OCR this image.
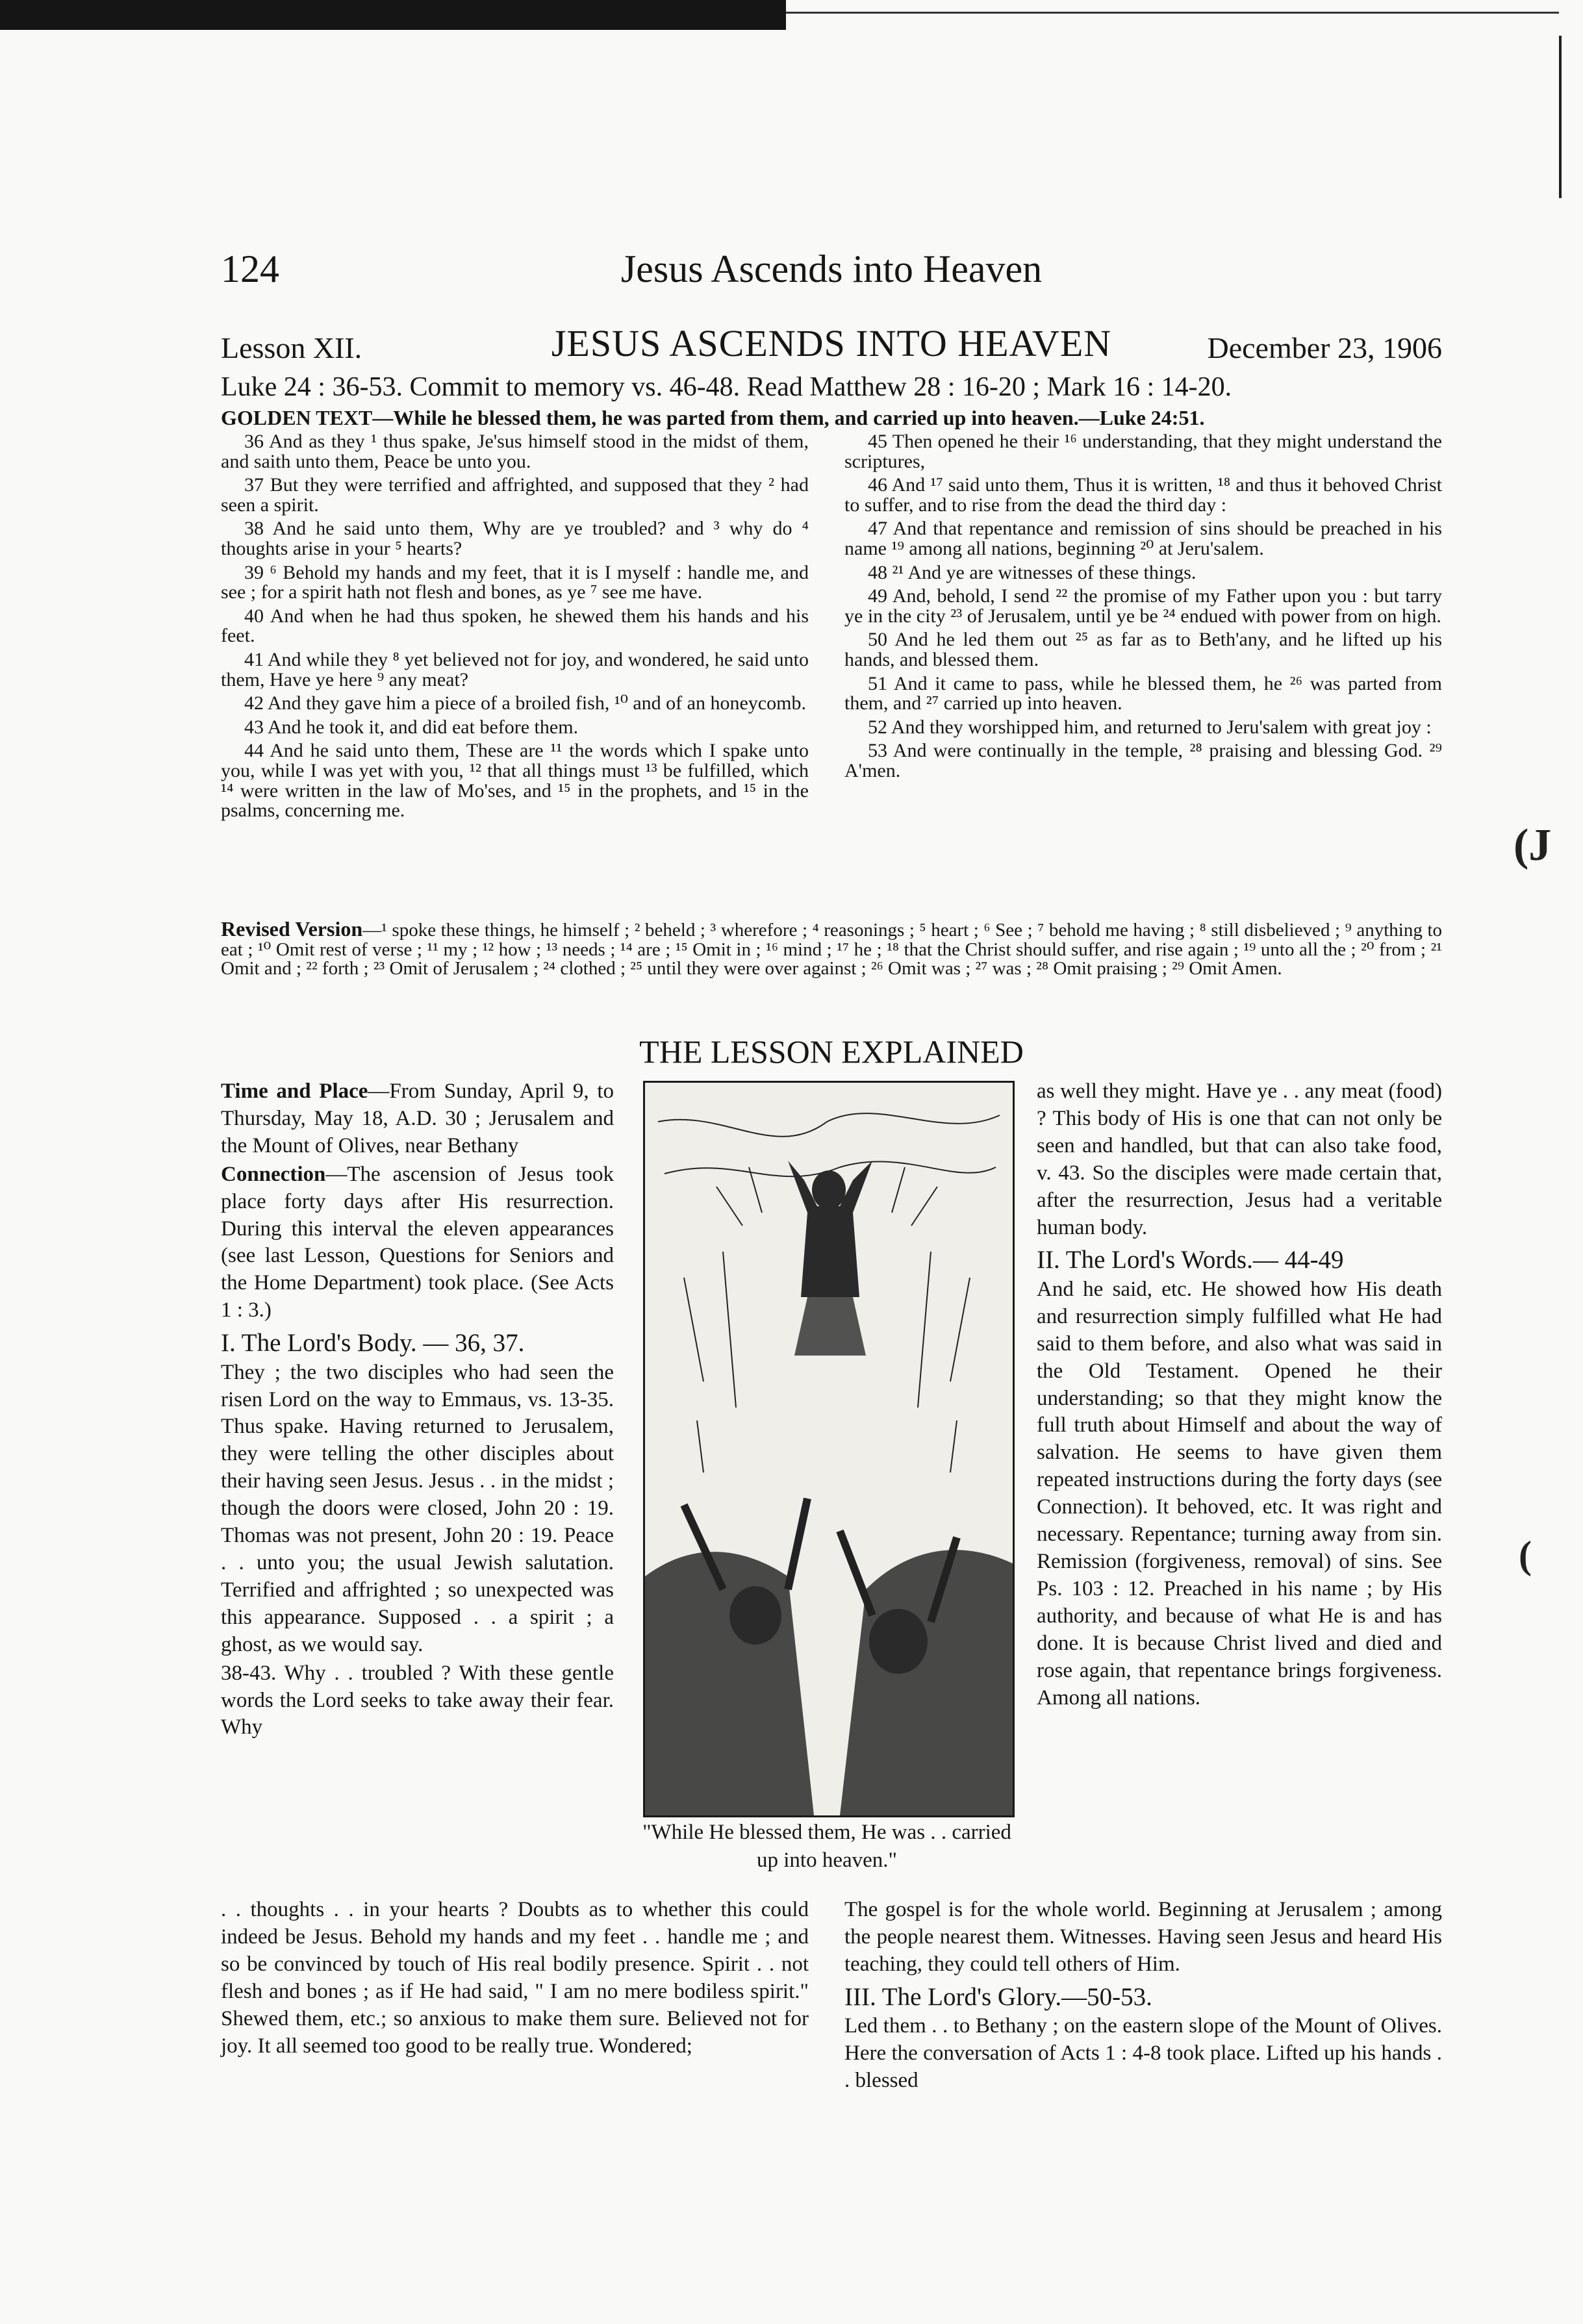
(J
(
Jesus Ascends into Heaven
124
JESUS ASCENDS INTO HEAVEN
Lesson XII.	December 23, 1906
Luke 24 : 36-53. Commit to memory vs. 46-48. Read Matthew 28 : 16-20 ; Mark 16 : 14-20.
GOLDEN TEXT—While he blessed them, he was parted from them, and carried up into heaven.—Luke 24:51.

36 And as they ¹ thus spake, Je'sus himself stood in the midst of them, and saith unto them, Peace be unto you.

37 But they were terrified and affrighted, and supposed that they ² had seen a spirit.

38 And he said unto them, Why are ye troubled? and ³ why do ⁴ thoughts arise in your ⁵ hearts?

39 ⁶ Behold my hands and my feet, that it is I myself : handle me, and see ; for a spirit hath not flesh and bones, as ye ⁷ see me have.

40 And when he had thus spoken, he shewed them his hands and his feet.

41 And while they ⁸ yet believed not for joy, and wondered, he said unto them, Have ye here ⁹ any meat?

42 And they gave him a piece of a broiled fish, ¹⁰ and of an honeycomb.

43 And he took it, and did eat before them.

44 And he said unto them, These are ¹¹ the words which I spake unto you, while I was yet with you, ¹² that all things must ¹³ be fulfilled, which ¹⁴ were written in the law of Mo'ses, and ¹⁵ in the prophets, and ¹⁵ in the psalms, concerning me.

45 Then opened he their ¹⁶ understanding, that they might understand the scriptures,

46 And ¹⁷ said unto them, Thus it is written, ¹⁸ and thus it behoved Christ to suffer, and to rise from the dead the third day :

47 And that repentance and remission of sins should be preached in his name ¹⁹ among all nations, beginning ²⁰ at Jeru'salem.

48 ²¹ And ye are witnesses of these things.

49 And, behold, I send ²² the promise of my Father upon you : but tarry ye in the city ²³ of Jerusalem, until ye be ²⁴ endued with power from on high.

50 And he led them out ²⁵ as far as to Beth'any, and he lifted up his hands, and blessed them.

51 And it came to pass, while he blessed them, he ²⁶ was parted from them, and ²⁷ carried up into heaven.

52 And they worshipped him, and returned to Jeru'salem with great joy :

53 And were continually in the temple, ²⁸ praising and blessing God. ²⁹ A'men.

Revised Version—¹ spoke these things, he himself ; ² beheld ; ³ wherefore ; ⁴ reasonings ; ⁵ heart ; ⁶ See ; ⁷ behold me having ; ⁸ still disbelieved ; ⁹ anything to eat ; ¹⁰ Omit rest of verse ; ¹¹ my ; ¹² how ; ¹³ needs ; ¹⁴ are ; ¹⁵ Omit in ; ¹⁶ mind ; ¹⁷ he ; ¹⁸ that the Christ should suffer, and rise again ; ¹⁹ unto all the ; ²⁰ from ; ²¹ Omit and ; ²² forth ; ²³ Omit of Jerusalem ; ²⁴ clothed ; ²⁵ until they were over against ; ²⁶ Omit was ; ²⁷ was ; ²⁸ Omit praising ; ²⁹ Omit Amen.
THE LESSON EXPLAINED

Time and Place—From Sunday, April 9, to Thursday, May 18, A.D. 30 ; Jerusalem and the Mount of Olives, near Bethany

Connection—The ascension of Jesus took place forty days after His resurrection. During this interval the eleven appearances (see last Lesson, Questions for Seniors and the Home Department) took place. (See Acts 1 : 3.)

I. The Lord's Body. — 36, 37.
They ; the two disciples who had seen the risen Lord on the way to Emmaus, vs. 13-35. Thus spake. Having returned to Jerusalem, they were telling the other disciples about their having seen Jesus. Jesus . . in the midst ; though the doors were closed, John 20 : 19. Thomas was not present, John 20 : 19. Peace . . unto you; the usual Jewish salutation. Terrified and affrighted ; so unexpected was this appearance. Supposed . . a spirit ; a ghost, as we would say.

38-43. Why . . troubled ? With these gentle words the Lord seeks to take away their fear. Why

"While He blessed them, He was . . carried up into heaven."

as well they might. Have ye . . any meat (food) ? This body of His is one that can not only be seen and handled, but that can also take food, v. 43. So the disciples were made certain that, after the resurrection, Jesus had a veritable human body.

II. The Lord's Words.— 44-49
And he said, etc. He showed how His death and resurrection simply fulfilled what He had said to them before, and also what was said in the Old Testament. Opened he their understanding; so that they might know the full truth about Himself and about the way of salvation. He seems to have given them repeated instructions during the forty days (see Connection). It behoved, etc. It was right and necessary. Repentance; turning away from sin. Remission (forgiveness, removal) of sins. See Ps. 103 : 12. Preached in his name ; by His authority, and because of what He is and has done. It is because Christ lived and died and rose again, that repentance brings forgiveness. Among all nations.

. . thoughts . . in your hearts ? Doubts as to whether this could indeed be Jesus. Behold my hands and my feet . . handle me ; and so be convinced by touch of His real bodily presence. Spirit . . not flesh and bones ; as if He had said, " I am no mere bodiless spirit." Shewed them, etc.; so anxious to make them sure. Believed not for joy. It all seemed too good to be really true. Wondered;

The gospel is for the whole world. Beginning at Jerusalem ; among the people nearest them. Witnesses. Having seen Jesus and heard His teaching, they could tell others of Him.

III. The Lord's Glory.—50-53.
Led them . . to Bethany ; on the eastern slope of the Mount of Olives. Here the conversation of Acts 1 : 4-8 took place. Lifted up his hands . . blessed
